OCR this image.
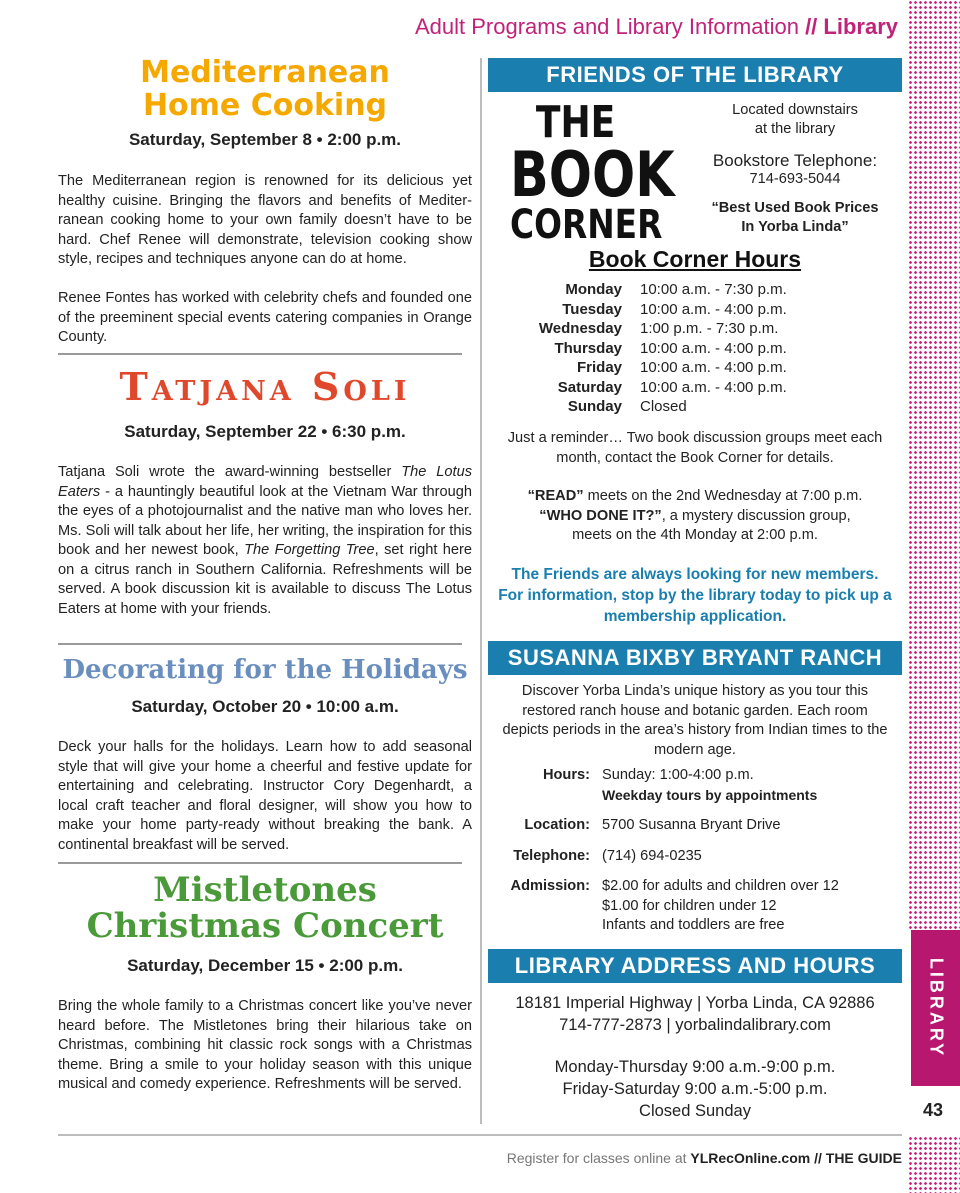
Adult Programs and Library Information // Library
Mediterranean
Home Cooking
Saturday, September 8 • 2:00 p.m.
The Mediterranean region is renowned for its delicious yet healthy cuisine. Bringing the flavors and benefits of Mediter-ranean cooking home to your own family doesn’t have to be hard. Chef Renee will demonstrate, television cooking show style, recipes and techniques anyone can do at home.
Renee Fontes has worked with celebrity chefs and founded one of the preeminent special events catering companies in Orange County.
Tatjana Soli
Saturday, September 22 • 6:30 p.m.
Tatjana Soli wrote the award-winning bestseller The Lotus Eaters - a hauntingly beautiful look at the Vietnam War through the eyes of a photojournalist and the native man who loves her. Ms. Soli will talk about her life, her writing, the inspiration for this book and her newest book, The Forgetting Tree, set right here on a citrus ranch in Southern California. Refreshments will be served. A book discussion kit is available to discuss The Lotus Eaters at home with your friends.
Decorating for the Holidays
Saturday, October 20 • 10:00 a.m.
Deck your halls for the holidays. Learn how to add seasonal style that will give your home a cheerful and festive update for entertaining and celebrating. Instructor Cory Degenhardt, a local craft teacher and floral designer, will show you how to make your home party-ready without breaking the bank. A continental breakfast will be served.
Mistletones
Christmas Concert
Saturday, December 15 • 2:00 p.m.
Bring the whole family to a Christmas concert like you’ve never heard before. The Mistletones bring their hilarious take on Christmas, combining hit classic rock songs with a Christmas theme. Bring a smile to your holiday season with this unique musical and comedy experience. Refreshments will be served.
FRIENDS OF THE LIBRARY
THE
BOOK
CORNER
Located downstairs
at the library
Bookstore Telephone:
714-693-5044
“Best Used Book Prices
In Yorba Linda”
Book Corner Hours
Monday	10:00 a.m. - 7:30 p.m.
Tuesday	10:00 a.m. - 4:00 p.m.
Wednesday	1:00 p.m. - 7:30 p.m.
Thursday	10:00 a.m. - 4:00 p.m.
Friday	10:00 a.m. - 4:00 p.m.
Saturday	10:00 a.m. - 4:00 p.m.
Sunday	Closed
Just a reminder… Two book discussion groups meet each month, contact the Book Corner for details.
“READ” meets on the 2nd Wednesday at 7:00 p.m.
“WHO DONE IT?”, a mystery discussion group,
meets on the 4th Monday at 2:00 p.m.
The Friends are always looking for new members.
For information, stop by the library today to pick up a
membership application.
SUSANNA BIXBY BRYANT RANCH
Discover Yorba Linda’s unique history as you tour this restored ranch house and botanic garden. Each room depicts periods in the area’s history from Indian times to the modern age.
Hours: Sunday: 1:00-4:00 p.m.
Weekday tours by appointments
Location: 5700 Susanna Bryant Drive
Telephone: (714) 694-0235
Admission: $2.00 for adults and children over 12
$1.00 for children under 12
Infants and toddlers are free
LIBRARY ADDRESS AND HOURS
18181 Imperial Highway | Yorba Linda, CA 92886
714-777-2873 | yorbalindalibrary.com
Monday-Thursday 9:00 a.m.-9:00 p.m.
Friday-Saturday 9:00 a.m.-5:00 p.m.
Closed Sunday
LIBRARY
43
Register for classes online at YLRecOnline.com // THE GUIDE
